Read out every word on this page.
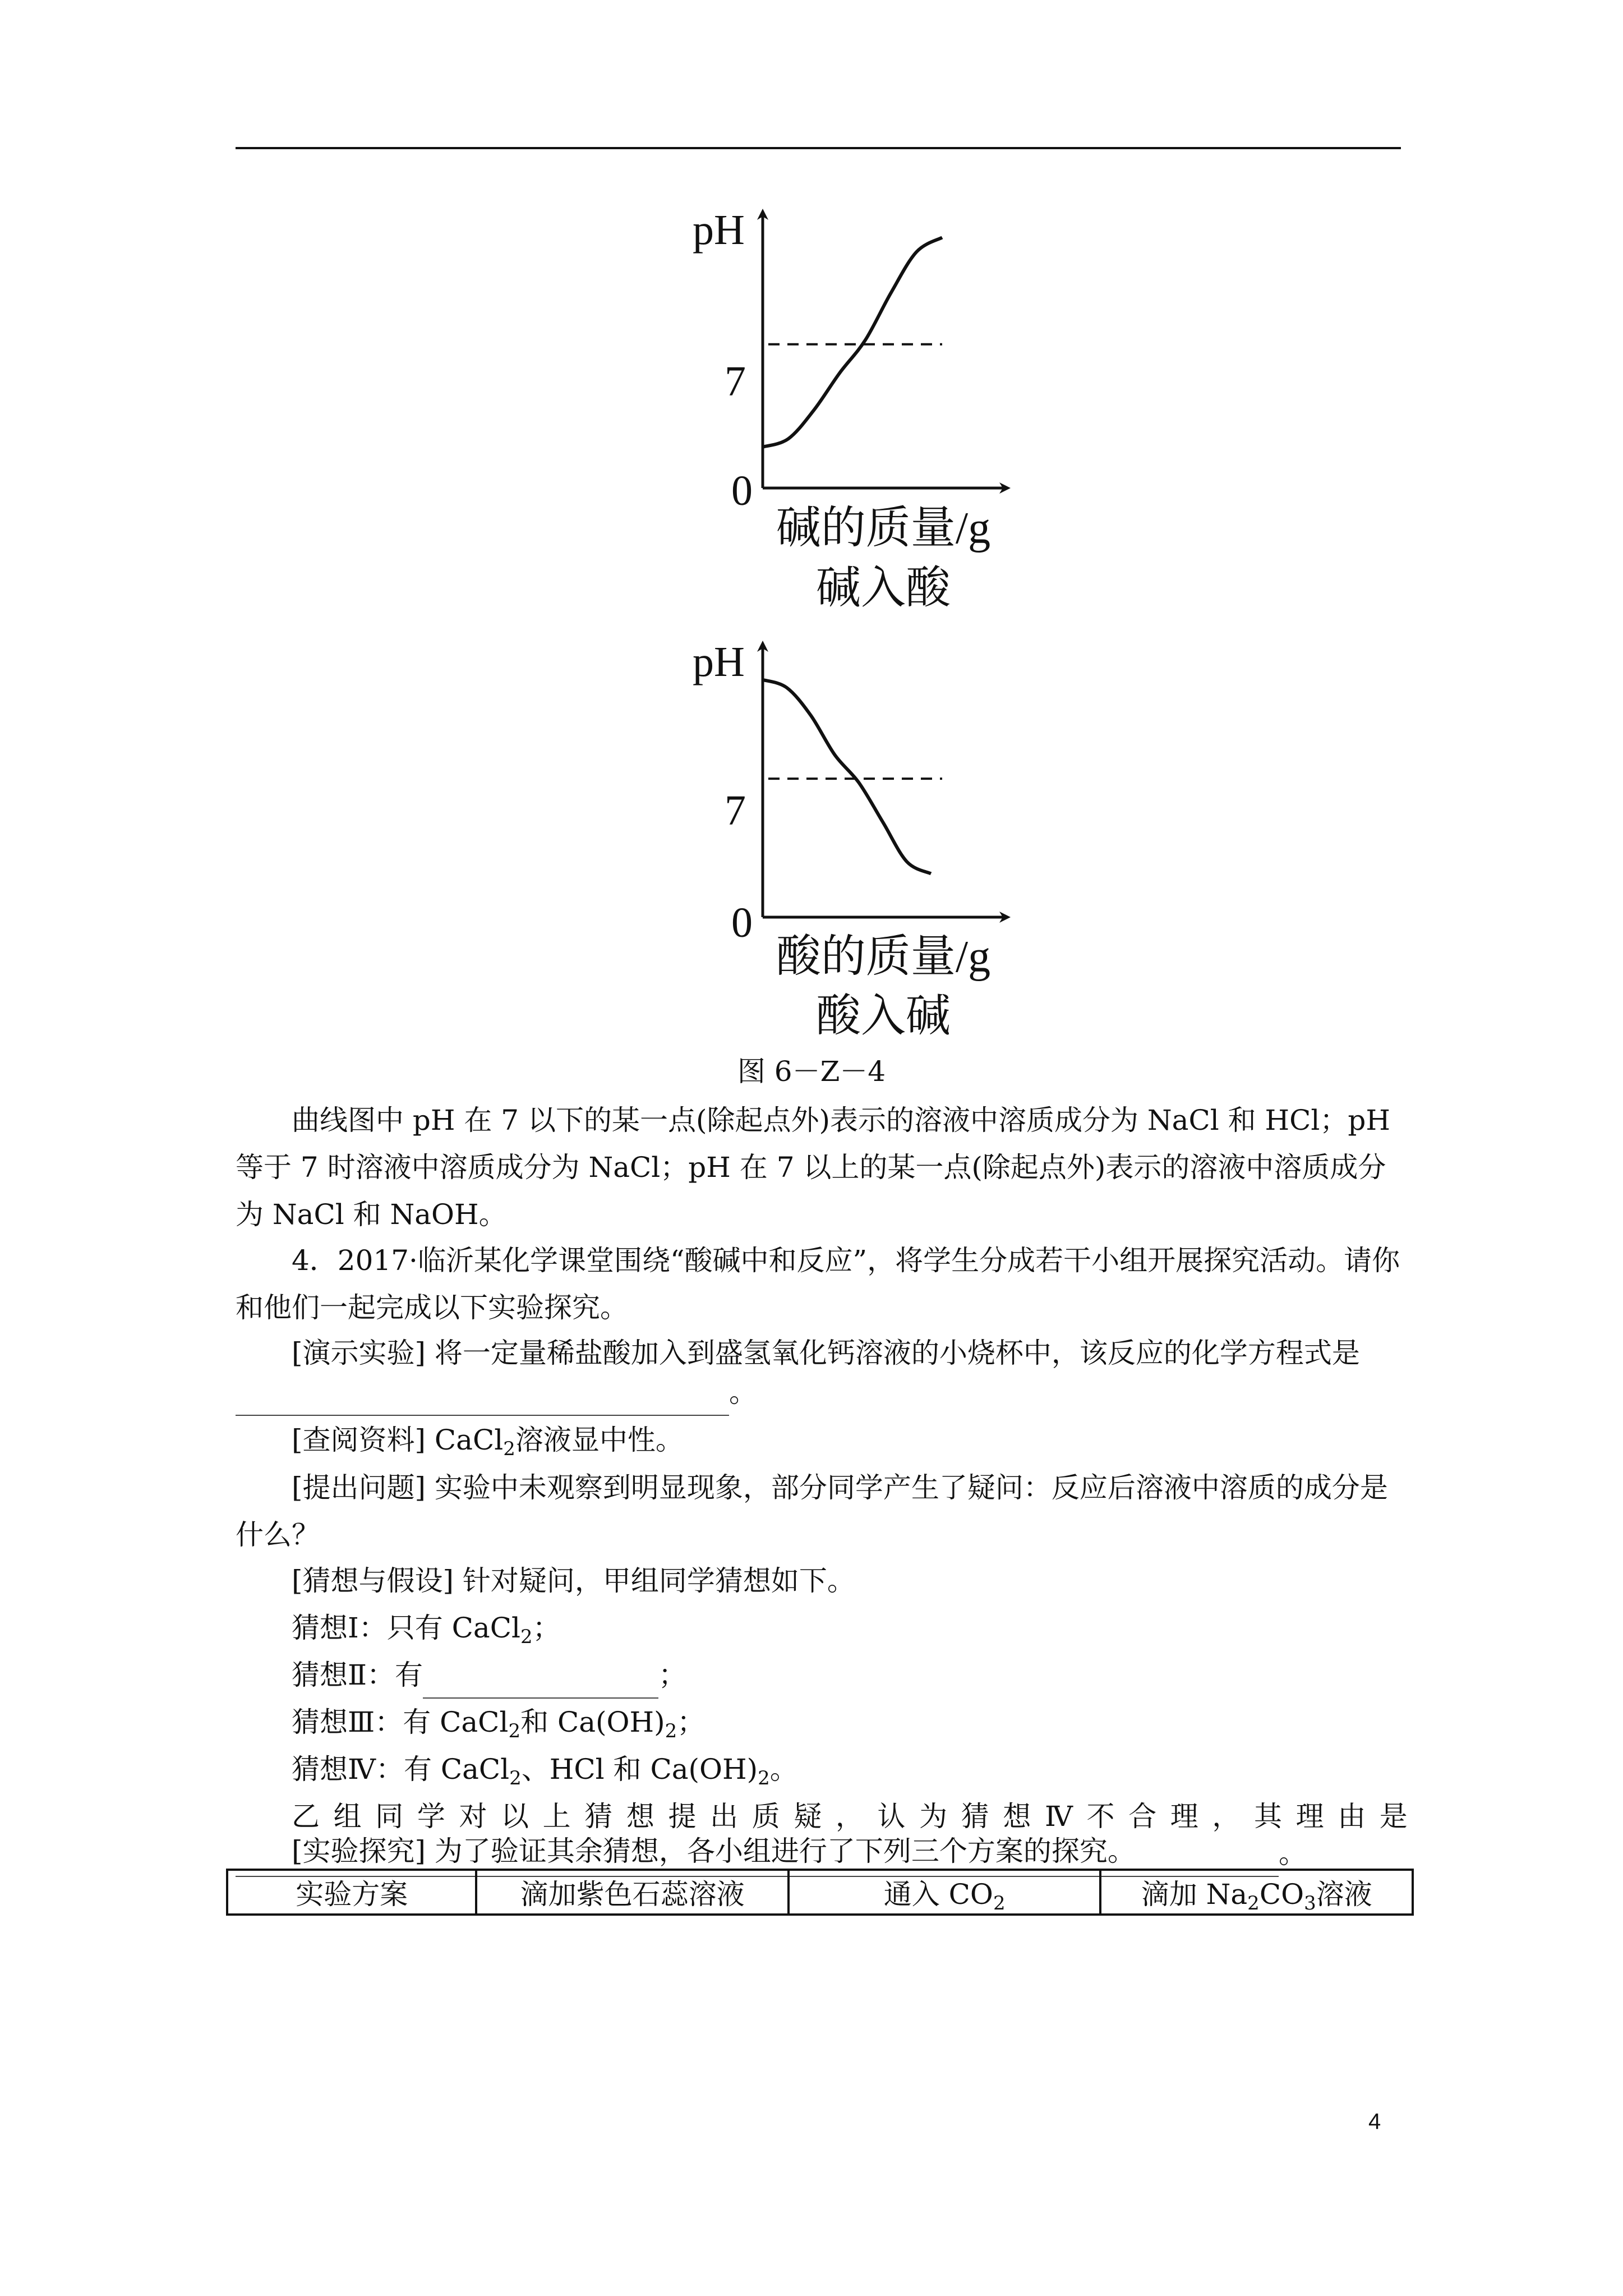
pH
7
0
碱的质量/g
碱入酸
pH
7
0
酸的质量/g
酸入碱
图 6－Z－4
曲线图中 pH 在 7 以下的某一点(除起点外)表示的溶液中溶质成分为 NaCl 和 HCl；pH 等于 7 时溶液中溶质成分为 NaCl；pH 在 7 以上的某一点(除起点外)表示的溶液中溶质成分为 NaCl 和 NaOH。
4．2017·临沂某化学课堂围绕“酸碱中和反应”，将学生分成若干小组开展探究活动。请你和他们一起完成以下实验探究。
[演示实验] 将一定量稀盐酸加入到盛氢氧化钙溶液的小烧杯中，该反应的化学方程式是
。
[查阅资料] CaCl$_2$溶液显中性。
[提出问题] 实验中未观察到明显现象，部分同学产生了疑问：反应后溶液中溶质的成分是什么？
[猜想与假设] 针对疑问，甲组同学猜想如下。
猜想Ⅰ：只有 CaCl$_2$；
猜想Ⅱ：有	；
猜想Ⅲ：有 CaCl$_2$和 $Ca(OH)_2$；
猜想Ⅳ：有 CaCl$_2$、HCl 和 $Ca(OH)_2$。
乙 组 同 学 对 以 上 猜 想 提 出 质 疑 ， 认 为 猜 想 Ⅳ 不 合 理 ， 其 理 由 是
。
[实验探究] 为了验证其余猜想，各小组进行了下列三个方案的探究。
实验方案	滴加紫色石蕊溶液	通入 $CO_2$	滴加 $Na_2CO_3$溶液
4
